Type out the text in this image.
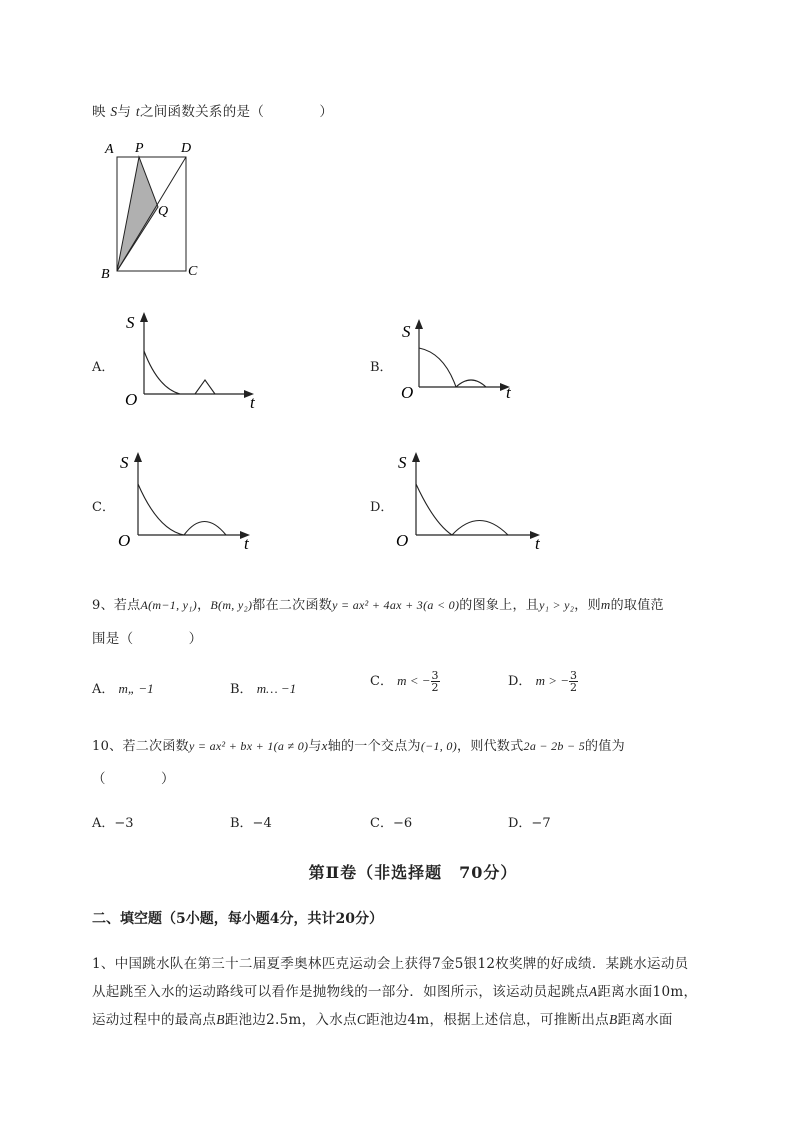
映 S与 t之间函数关系的是（　　　　）
A P	D
Q
B	C
A．
S
O	t
B．
S
O	t
C．
S
O	t
D．
S
O	t
9、若点A(m−1, y₁)，B(m, y₂)都在二次函数y = ax² + 4ax + 3(a < 0)的图象上，且y₁ > y₂，则m的取值范
围是（　　　　）
A． m„ −1	B． m… −1	C． m < − $\frac{3}{2}$	D． m > − $\frac{3}{2}$
10、若二次函数y = ax² + bx + 1(a ≠ 0)与x轴的一个交点为(−1, 0)，则代数式2a − 2b − 5的值为
（　　　　）
A．−3	B．−4	C．−6	D．−7
第Ⅱ卷（非选择题　70分）
二、填空题（5小题，每小题4分，共计20分）
1、中国跳水队在第三十二届夏季奥林匹克运动会上获得7金5银12枚奖牌的好成绩．某跳水运动员
从起跳至入水的运动路线可以看作是抛物线的一部分．如图所示，该运动员起跳点A距离水面10m，
运动过程中的最高点B距池边2.5m，入水点C距池边4m，根据上述信息，可推断出点B距离水面
